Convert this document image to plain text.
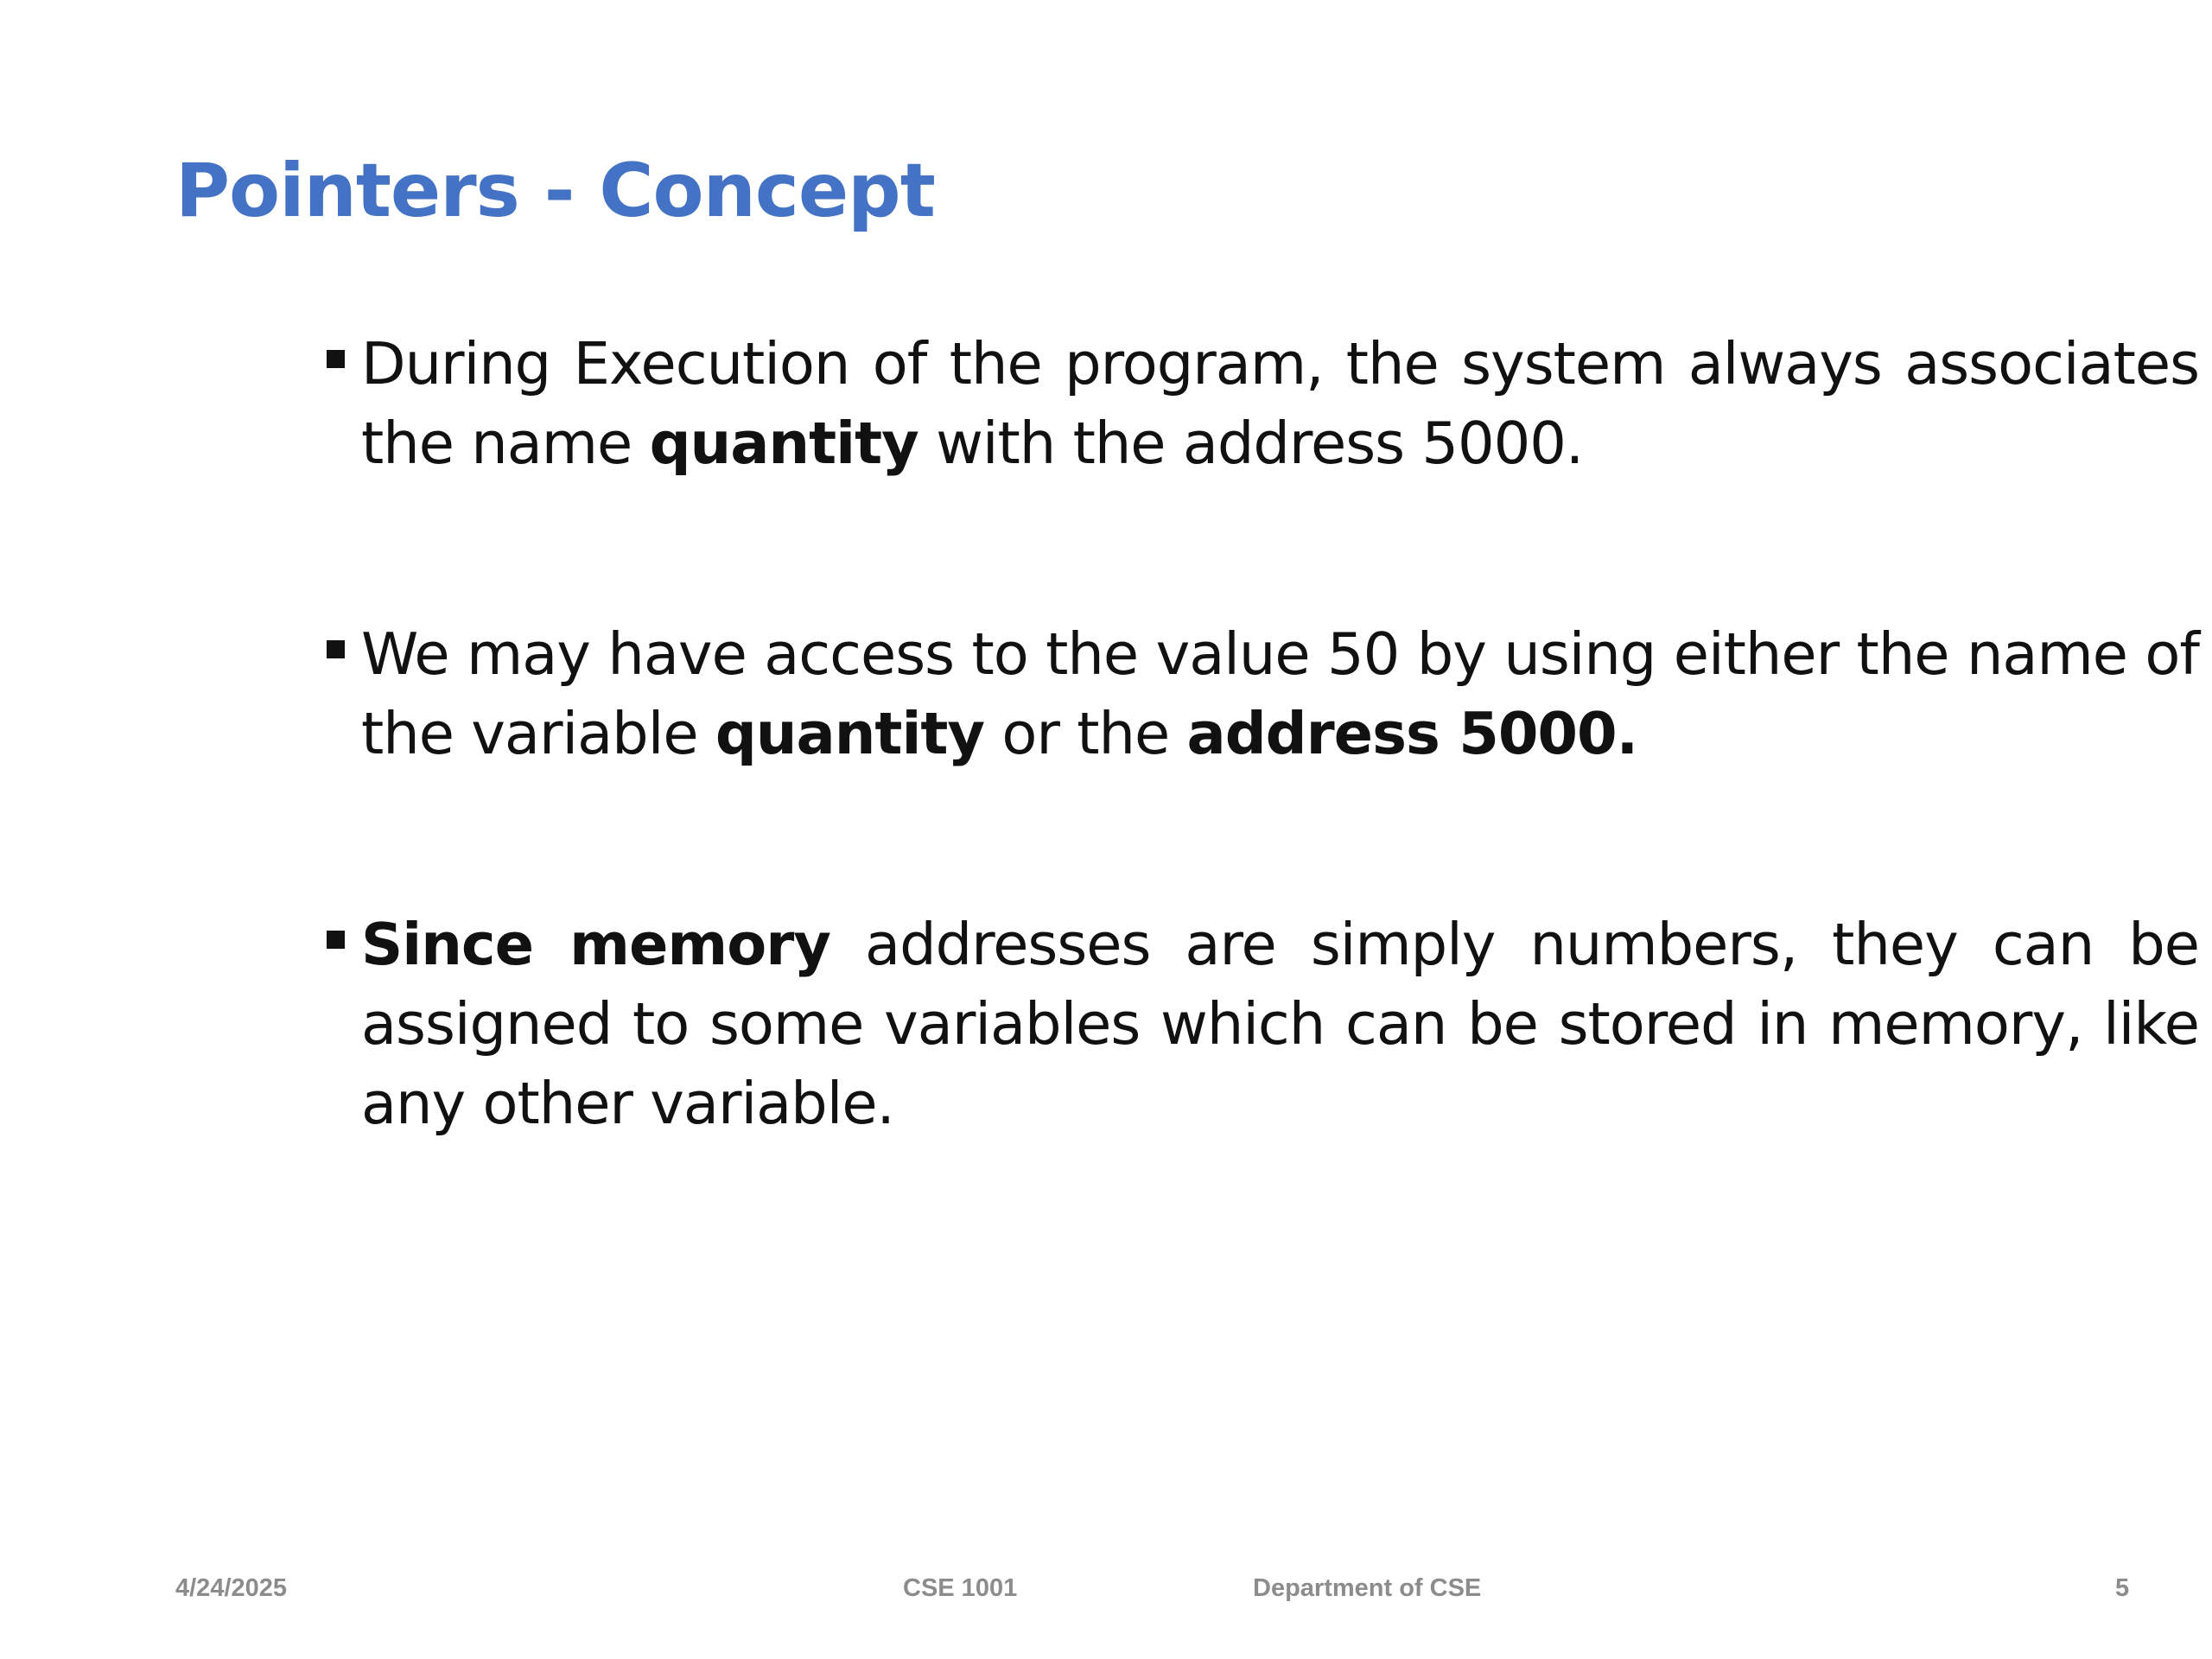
Pointers - Concept
During Execution of the program, the system always associates the name quantity with the address 5000.
We may have access to the value 50 by using either the name of the variable quantity or the address 5000.
Since memory addresses are simply numbers, they can be assigned to some variables which can be stored in memory, like any other variable.
4/24/2025	CSE 1001	Department of CSE	5
